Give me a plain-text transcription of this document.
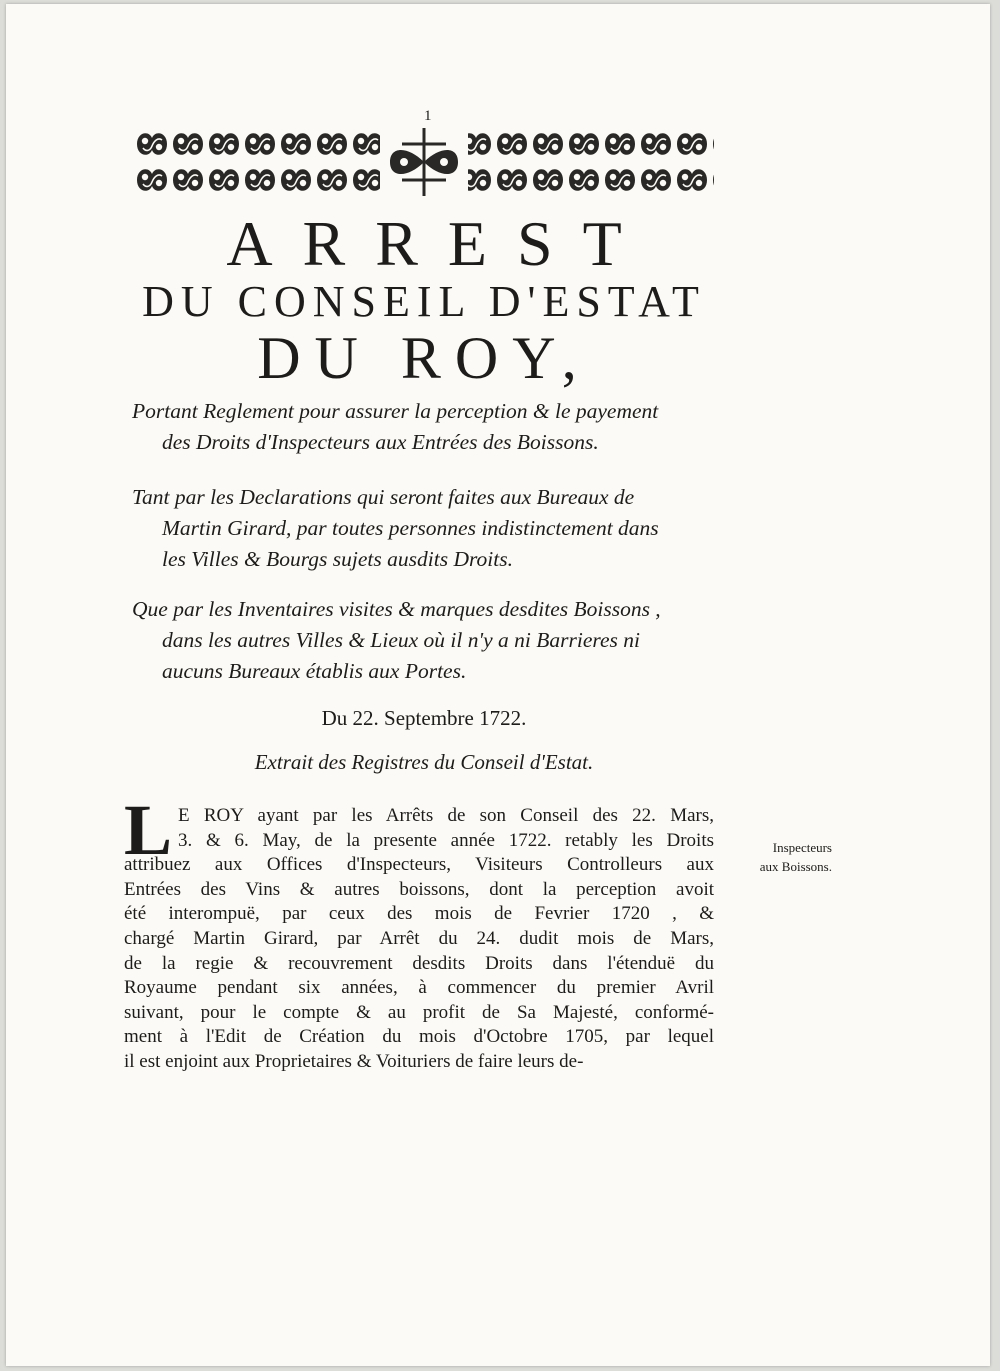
1
ARREST
DU CONSEIL D'ESTAT
DU ROY,
Portant Reglement pour assurer la perception & le payement
des Droits d'Inspecteurs aux Entrées des Boissons.
Tant par les Declarations qui seront faites aux Bureaux de
Martin Girard, par toutes personnes indistinctement dans
les Villes & Bourgs sujets ausdits Droits.
Que par les Inventaires visites & marques desdites Boissons ,
dans les autres Villes & Lieux où il n'y a ni Barrieres ni
aucuns Bureaux établis aux Portes.
Du 22. Septembre 1722.
Extrait des Registres du Conseil d'Estat.
L E ROY ayant par les Arrêts de son Conseil des 22. Mars,
3. & 6. May, de la presente année 1722. retably les Droits
attribuez aux Offices d'Inspecteurs, Visiteurs Controlleurs aux
Entrées des Vins & autres boissons, dont la perception avoit
été interompuë, par ceux des mois de Fevrier 1720 , &
chargé Martin Girard, par Arrêt du 24. dudit mois de Mars,
de la regie & recouvrement desdits Droits dans l'étenduë du
Royaume pendant six années, à commencer du premier Avril
suivant, pour le compte & au profit de Sa Majesté, conformé-
ment à l'Edit de Création du mois d'Octobre 1705, par lequel
il est enjoint aux Proprietaires & Voituriers de faire leurs de-
Inspecteurs
aux Boissons.
